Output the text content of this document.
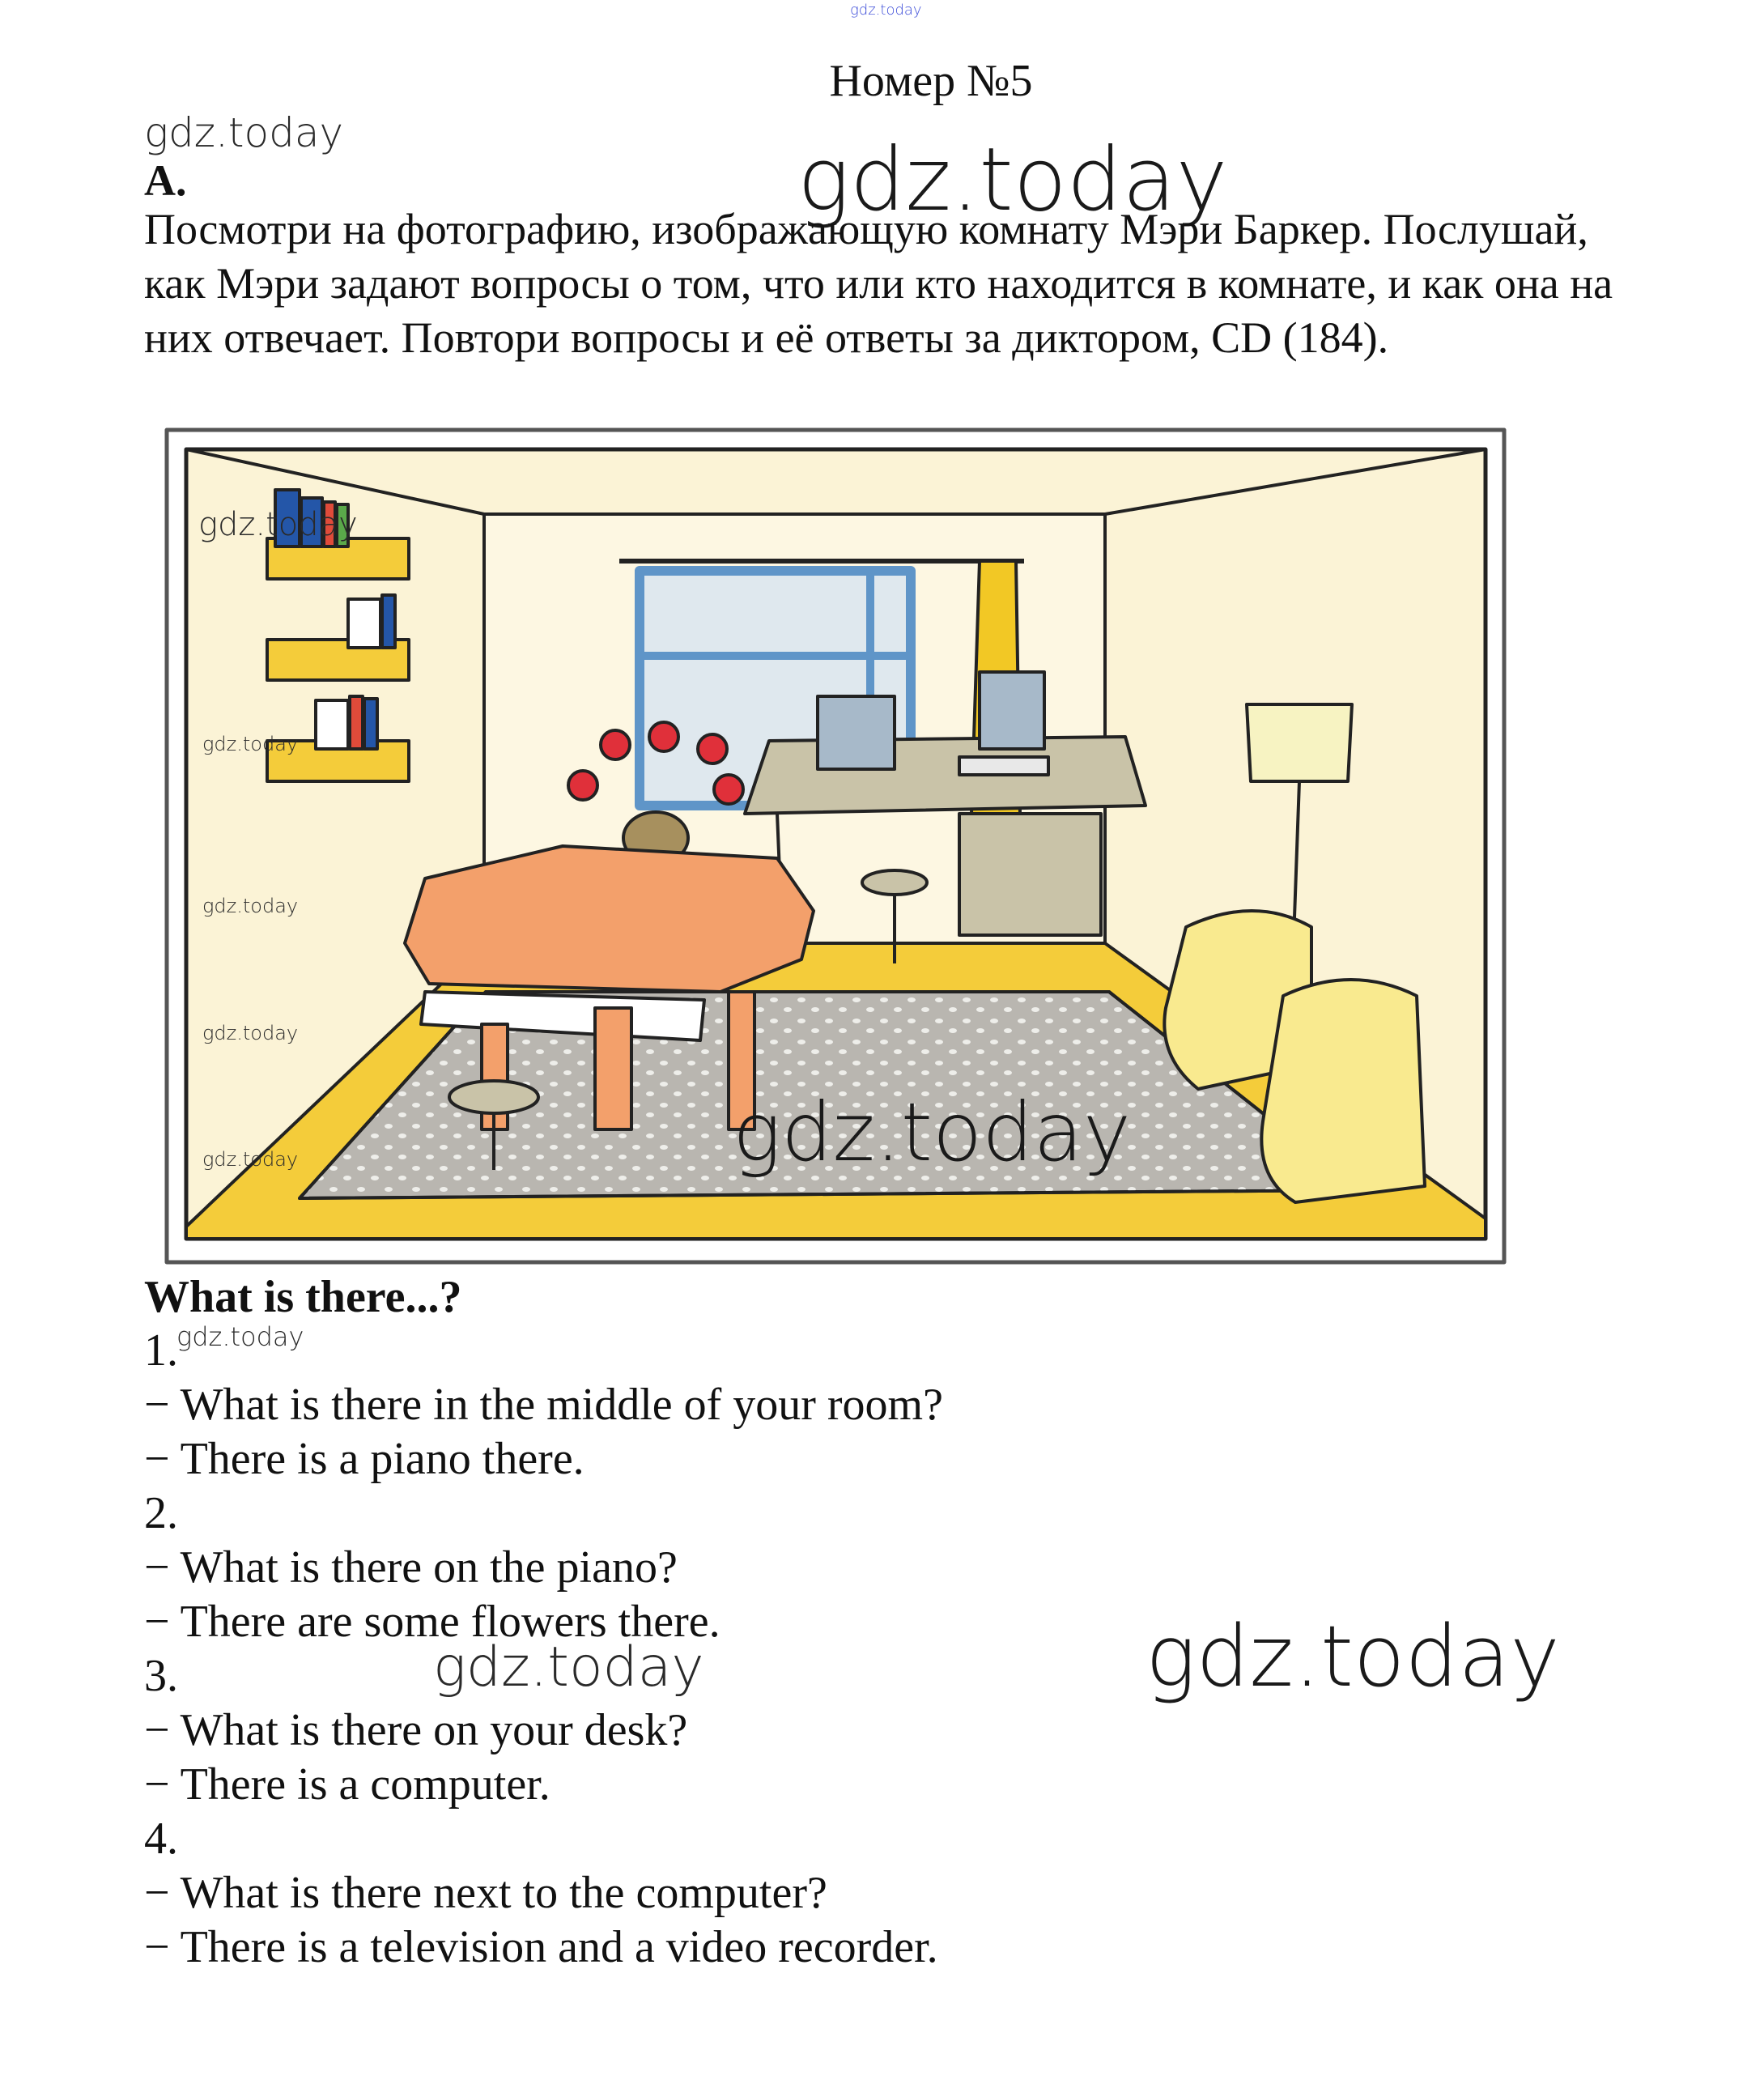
gdz.today
gdz.today	gdz.today
Номер №5
А.
Посмотри на фотографию, изображающую комнату Мэри Баркер. Послушай, как Мэри задают вопросы о том, что или кто находится в комнате, и как она на них отвечает. Повтори вопросы и её ответы за диктором, CD (184).
gdz.today
gdz.today
gdz.today
gdz.today
gdz.today	gdz.today
What is there...?
gdz.today
1.
− What is there in the middle of your room?
− There is a piano there.
2.
− What is there on the piano?
− There are some flowers there.
3.
− What is there on your desk?
− There is a computer.
4.
− What is there next to the computer?
− There is a television and a video recorder.
gdz.today	gdz.today
